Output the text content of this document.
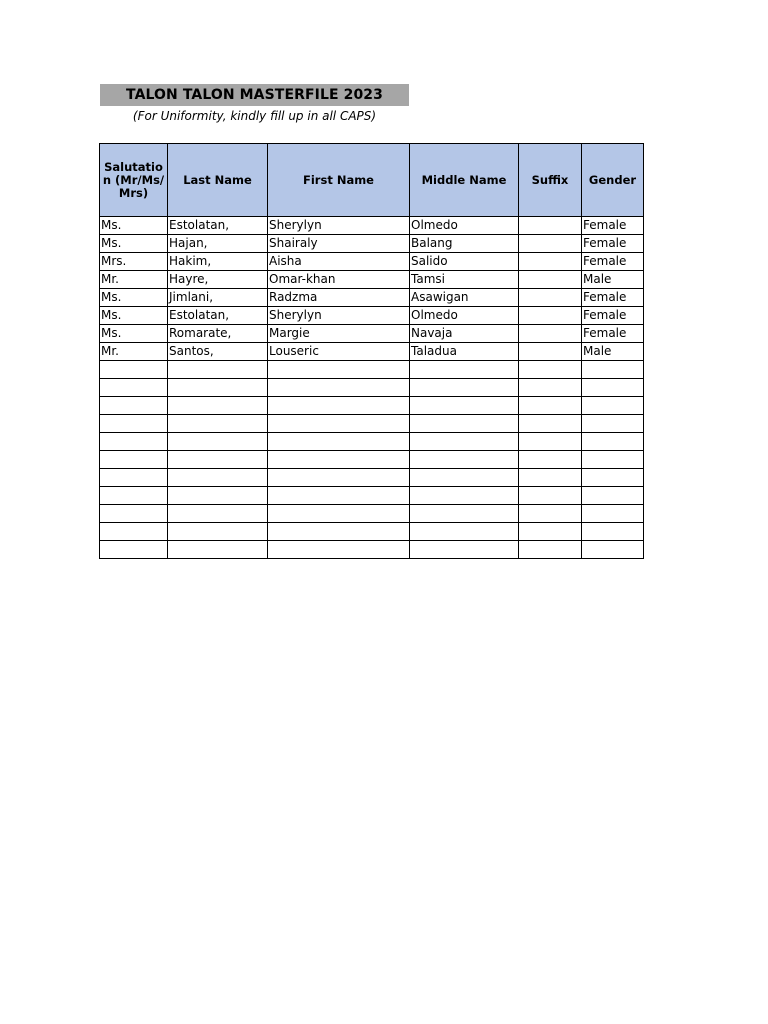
TALON TALON MASTERFILE 2023
(For Uniformity, kindly fill up in all CAPS)
Salutation (Mr/Ms/Mrs)	Last Name	First Name	Middle Name	Suffix	Gender
Ms.	Estolatan,	Sherylyn	Olmedo		Female
Ms.	Hajan,	Shairaly	Balang		Female
Mrs.	Hakim,	Aisha	Salido		Female
Mr.	Hayre,	Omar-khan	Tamsi		Male
Ms.	Jimlani,	Radzma	Asawigan		Female
Ms.	Estolatan,	Sherylyn	Olmedo		Female
Ms.	Romarate,	Margie	Navaja		Female
Mr.	Santos,	Louseric	Taladua		Male
